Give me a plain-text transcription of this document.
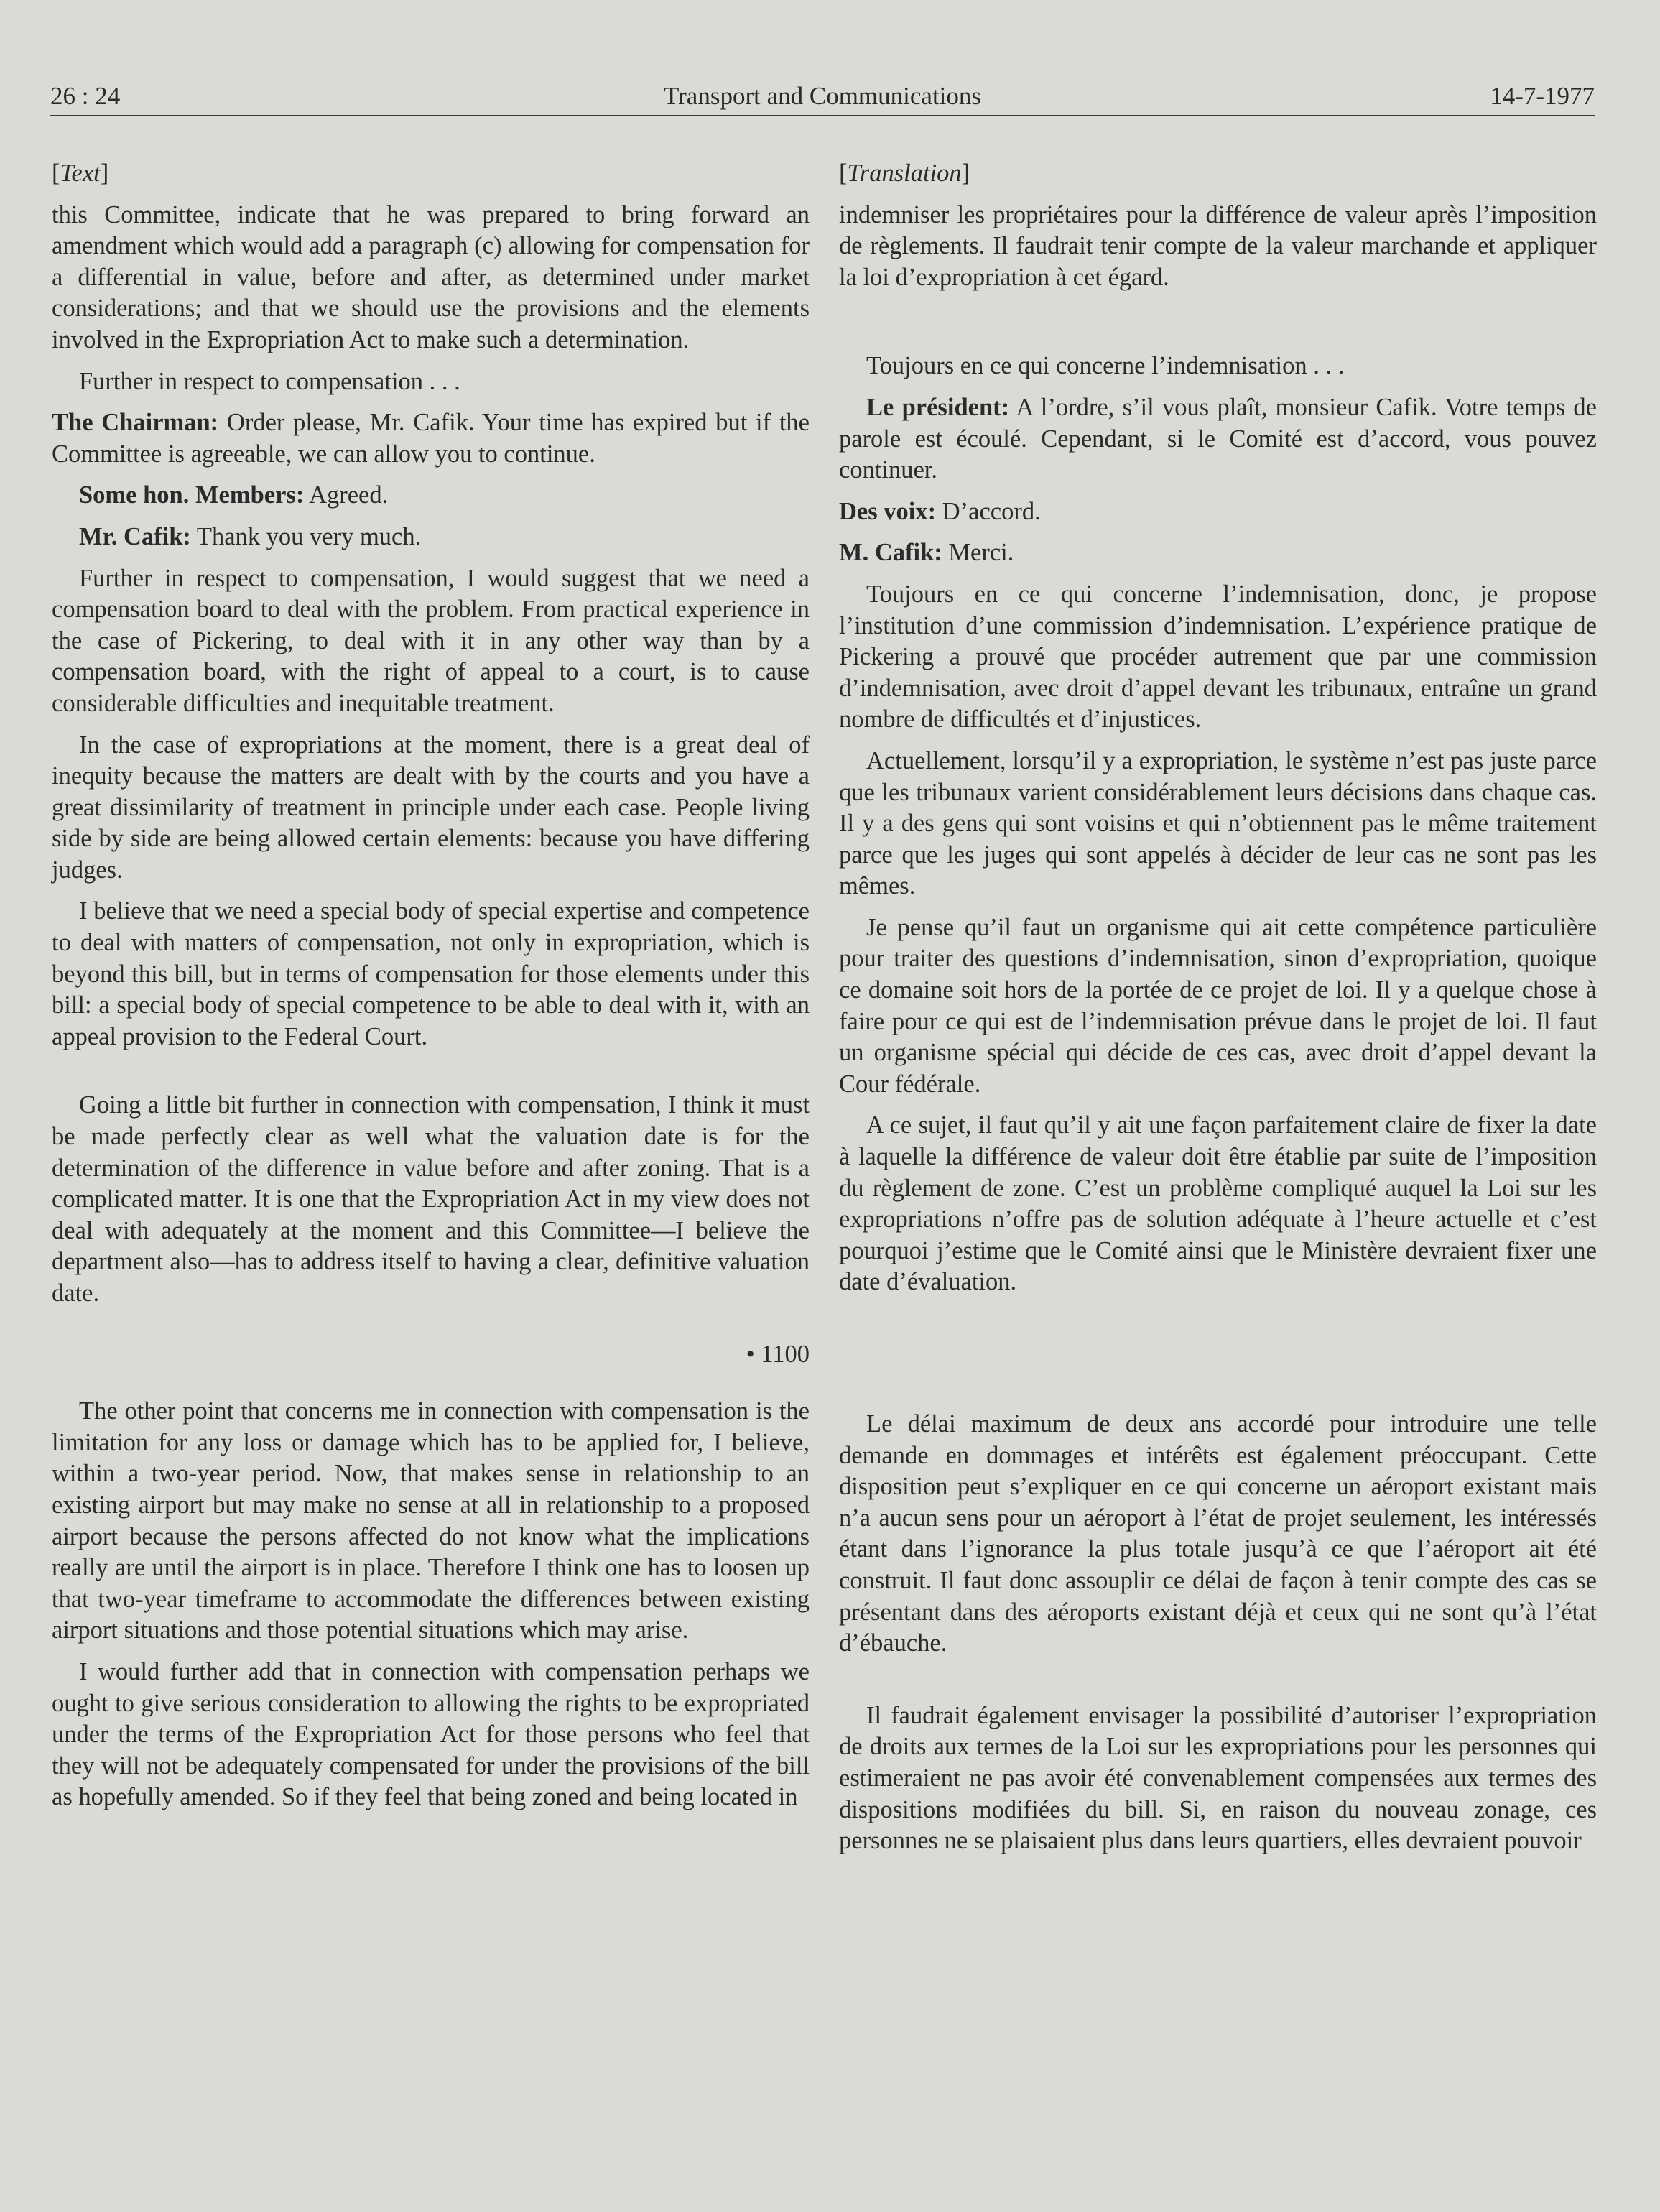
26 : 24	Transport and Communications	14-7-1977

[Text]

this Committee, indicate that he was prepared to bring forward an amendment which would add a paragraph (c) allowing for compensation for a differential in value, before and after, as determined under market considerations; and that we should use the provisions and the elements involved in the Expropriation Act to make such a determination.

Further in respect to compensation . . .

The Chairman: Order please, Mr. Cafik. Your time has expired but if the Committee is agreeable, we can allow you to continue.

Some hon. Members: Agreed.

Mr. Cafik: Thank you very much.

Further in respect to compensation, I would suggest that we need a compensation board to deal with the problem. From practical experience in the case of Pickering, to deal with it in any other way than by a compensation board, with the right of appeal to a court, is to cause considerable difficulties and inequitable treatment.

In the case of expropriations at the moment, there is a great deal of inequity because the matters are dealt with by the courts and you have a great dissimilarity of treatment in principle under each case. People living side by side are being allowed certain elements: because you have differing judges.

I believe that we need a special body of special expertise and competence to deal with matters of compensation, not only in expropriation, which is beyond this bill, but in terms of compensation for those elements under this bill: a special body of special competence to be able to deal with it, with an appeal provision to the Federal Court.

Going a little bit further in connection with compensation, I think it must be made perfectly clear as well what the valuation date is for the determination of the difference in value before and after zoning. That is a complicated matter. It is one that the Expropriation Act in my view does not deal with adequately at the moment and this Committee—I believe the department also—has to address itself to having a clear, definitive valuation date.

• 1100

The other point that concerns me in connection with compensation is the limitation for any loss or damage which has to be applied for, I believe, within a two-year period. Now, that makes sense in relationship to an existing airport but may make no sense at all in relationship to a proposed airport because the persons affected do not know what the implications really are until the airport is in place. Therefore I think one has to loosen up that two-year timeframe to accommodate the differences between existing airport situations and those potential situations which may arise.

I would further add that in connection with compensation perhaps we ought to give serious consideration to allowing the rights to be expropriated under the terms of the Expropriation Act for those persons who feel that they will not be adequately compensated for under the provisions of the bill as hopefully amended. So if they feel that being zoned and being located in

[Translation]

indemniser les propriétaires pour la différence de valeur après l’imposition de règlements. Il faudrait tenir compte de la valeur marchande et appliquer la loi d’expropriation à cet égard.

Toujours en ce qui concerne l’indemnisation . . .

Le président: A l’ordre, s’il vous plaît, monsieur Cafik. Votre temps de parole est écoulé. Cependant, si le Comité est d’accord, vous pouvez continuer.

Des voix: D’accord.

M. Cafik: Merci.

Toujours en ce qui concerne l’indemnisation, donc, je propose l’institution d’une commission d’indemnisation. L’expérience pratique de Pickering a prouvé que procéder autrement que par une commission d’indemnisation, avec droit d’appel devant les tribunaux, entraîne un grand nombre de difficultés et d’injustices.

Actuellement, lorsqu’il y a expropriation, le système n’est pas juste parce que les tribunaux varient considérablement leurs décisions dans chaque cas. Il y a des gens qui sont voisins et qui n’obtiennent pas le même traitement parce que les juges qui sont appelés à décider de leur cas ne sont pas les mêmes.

Je pense qu’il faut un organisme qui ait cette compétence particulière pour traiter des questions d’indemnisation, sinon d’expropriation, quoique ce domaine soit hors de la portée de ce projet de loi. Il y a quelque chose à faire pour ce qui est de l’indemnisation prévue dans le projet de loi. Il faut un organisme spécial qui décide de ces cas, avec droit d’appel devant la Cour fédérale.

A ce sujet, il faut qu’il y ait une façon parfaitement claire de fixer la date à laquelle la différence de valeur doit être établie par suite de l’imposition du règlement de zone. C’est un problème compliqué auquel la Loi sur les expropriations n’offre pas de solution adéquate à l’heure actuelle et c’est pourquoi j’estime que le Comité ainsi que le Ministère devraient fixer une date d’évaluation.

Le délai maximum de deux ans accordé pour introduire une telle demande en dommages et intérêts est également préoccupant. Cette disposition peut s’expliquer en ce qui concerne un aéroport existant mais n’a aucun sens pour un aéroport à l’état de projet seulement, les intéressés étant dans l’ignorance la plus totale jusqu’à ce que l’aéroport ait été construit. Il faut donc assouplir ce délai de façon à tenir compte des cas se présentant dans des aéroports existant déjà et ceux qui ne sont qu’à l’état d’ébauche.

Il faudrait également envisager la possibilité d’autoriser l’expropriation de droits aux termes de la Loi sur les expropriations pour les personnes qui estimeraient ne pas avoir été convenablement compensées aux termes des dispositions modifiées du bill. Si, en raison du nouveau zonage, ces personnes ne se plaisaient plus dans leurs quartiers, elles devraient pouvoir
